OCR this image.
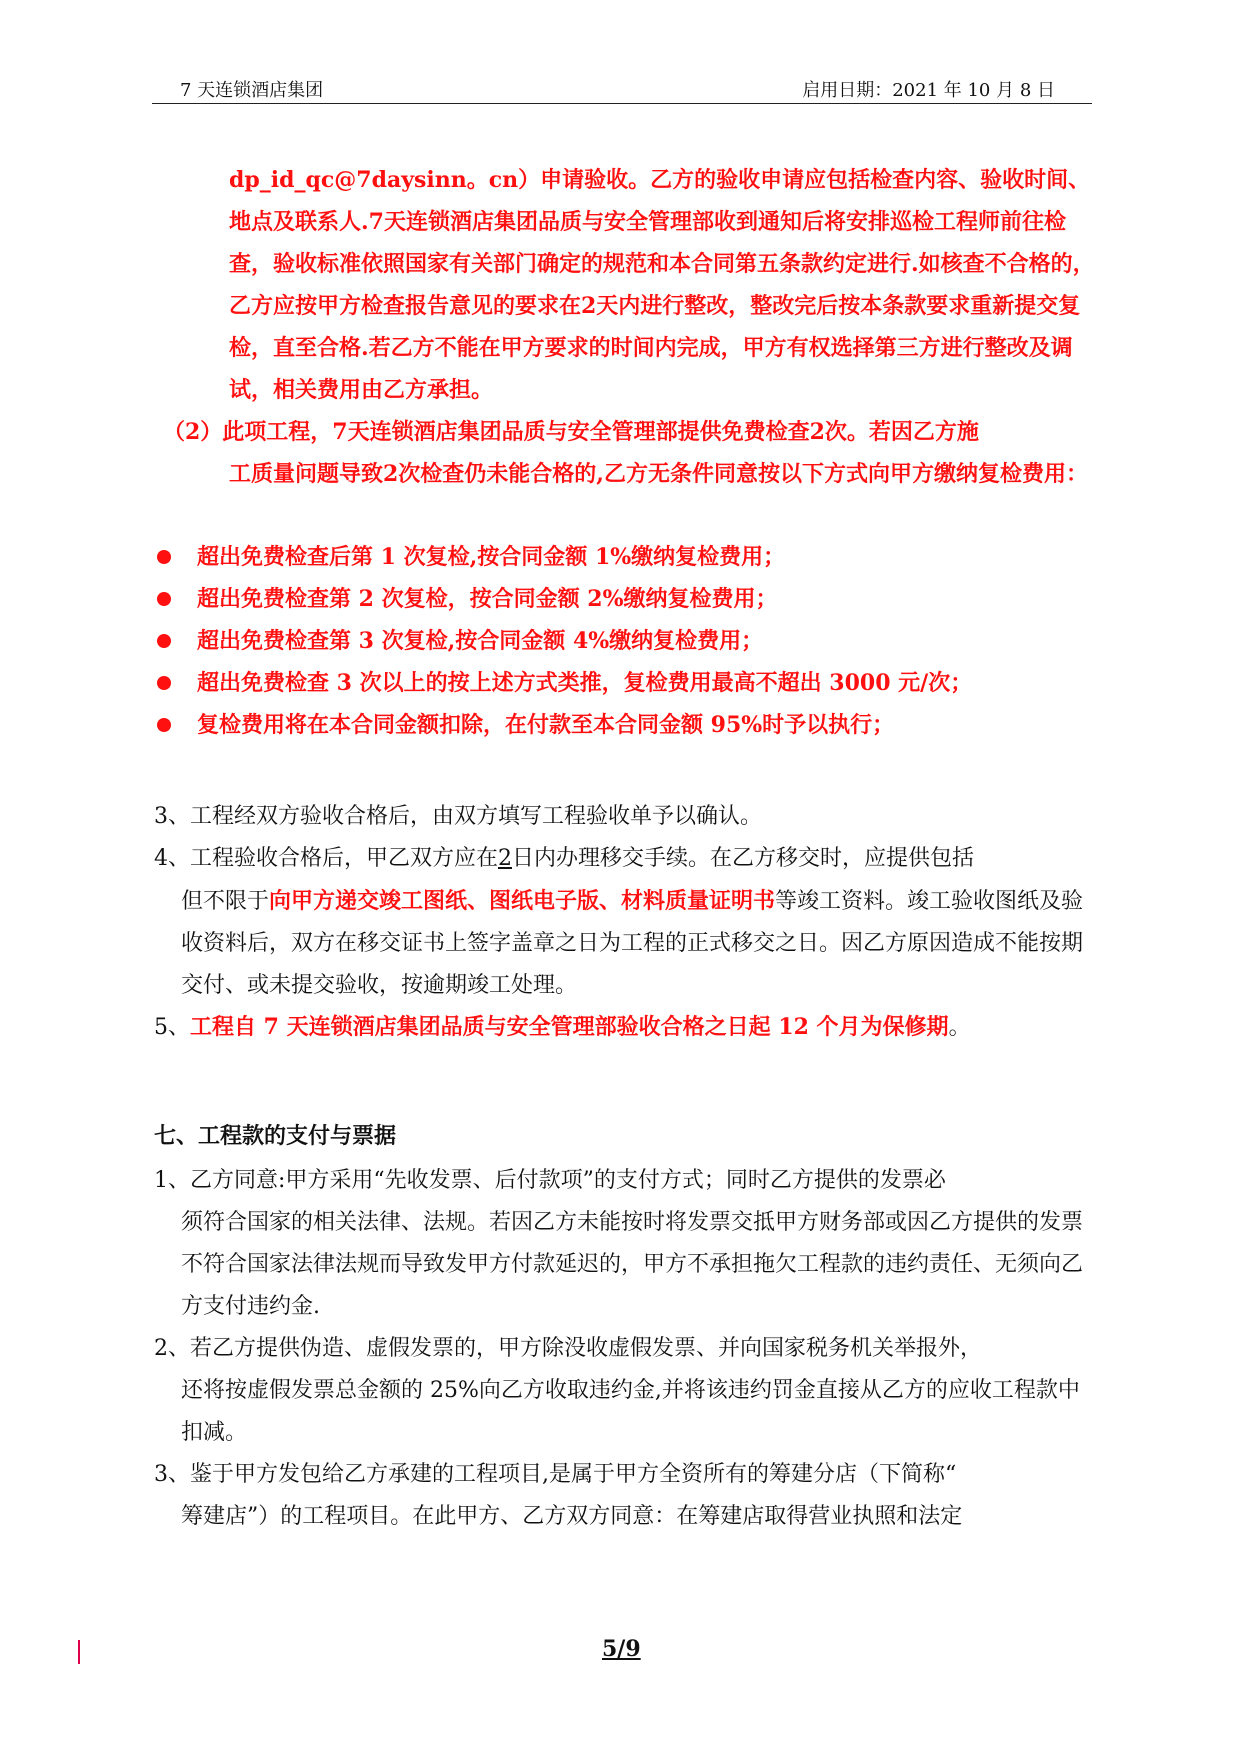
7 天连锁酒店集团	启用日期：2021 年 10 月 8 日
dp_id_qc@7daysinn。cn）申请验收。乙方的验收申请应包括检查内容、验收时间、地点及联系人.7天连锁酒店集团品质与安全管理部收到通知后将安排巡检工程师前往检查，验收标准依照国家有关部门确定的规范和本合同第五条款约定进行.如核查不合格的，乙方应按甲方检查报告意见的要求在2天内进行整改，整改完后按本条款要求重新提交复检，直至合格.若乙方不能在甲方要求的时间内完成，甲方有权选择第三方进行整改及调试，相关费用由乙方承担。
（2）此项工程，7天连锁酒店集团品质与安全管理部提供免费检查2次。若因乙方施
工质量问题导致2次检查仍未能合格的,乙方无条件同意按以下方式向甲方缴纳复检费用：
超出免费检查后第 1 次复检,按合同金额 1%缴纳复检费用；
超出免费检查第 2 次复检，按合同金额 2%缴纳复检费用；
超出免费检查第 3 次复检,按合同金额 4%缴纳复检费用；
超出免费检查 3 次以上的按上述方式类推，复检费用最高不超出 3000 元/次；
复检费用将在本合同金额扣除，在付款至本合同金额 95%时予以执行；
3、工程经双方验收合格后，由双方填写工程验收单予以确认。
4、工程验收合格后，甲乙双方应在2日内办理移交手续。在乙方移交时，应提供包括
但不限于向甲方递交竣工图纸、图纸电子版、材料质量证明书等竣工资料。竣工验收图纸及验收资料后，双方在移交证书上签字盖章之日为工程的正式移交之日。因乙方原因造成不能按期交付、或未提交验收，按逾期竣工处理。
5、工程自 7 天连锁酒店集团品质与安全管理部验收合格之日起 12 个月为保修期。
七、工程款的支付与票据
1、乙方同意:甲方采用“先收发票、后付款项”的支付方式；同时乙方提供的发票必
须符合国家的相关法律、法规。若因乙方未能按时将发票交抵甲方财务部或因乙方提供的发票不符合国家法律法规而导致发甲方付款延迟的，甲方不承担拖欠工程款的违约责任、无须向乙方支付违约金.
2、若乙方提供伪造、虚假发票的，甲方除没收虚假发票、并向国家税务机关举报外，
还将按虚假发票总金额的 25%向乙方收取违约金,并将该违约罚金直接从乙方的应收工程款中扣减。
3、鉴于甲方发包给乙方承建的工程项目,是属于甲方全资所有的筹建分店（下简称“
筹建店”）的工程项目。在此甲方、乙方双方同意：在筹建店取得营业执照和法定
5/9
